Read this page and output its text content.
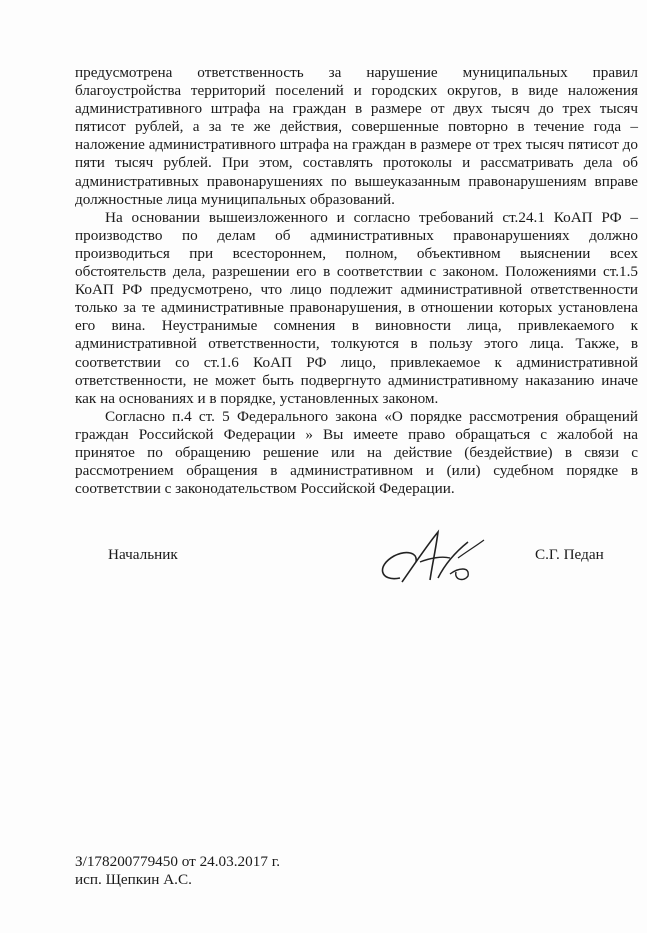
предусмотрена ответственность за нарушение муниципальных правил благоустройства территорий поселений и городских округов, в виде наложения административного штрафа на граждан в размере от двух тысяч до трех тысяч пятисот рублей, а за те же действия, совершенные повторно в течение года – наложение административного штрафа на граждан в размере от трех тысяч пятисот до пяти тысяч рублей. При этом, составлять протоколы и рассматривать дела об административных правонарушениях по вышеуказанным правонарушениям вправе должностные лица муниципальных образований.

На основании вышеизложенного и согласно требований ст.24.1 КоАП РФ – производство по делам об административных правонарушениях должно производиться при всестороннем, полном, объективном выяснении всех обстоятельств дела, разрешении его в соответствии с законом. Положениями ст.1.5 КоАП РФ предусмотрено, что лицо подлежит административной ответственности только за те административные правонарушения, в отношении которых установлена его вина. Неустранимые сомнения в виновности лица, привлекаемого к административной ответственности, толкуются в пользу этого лица. Также, в соответствии со ст.1.6 КоАП РФ лицо, привлекаемое к административной ответственности, не может быть подвергнуто административному наказанию иначе как на основаниях и в порядке, установленных законом.

Согласно п.4 ст. 5 Федерального закона «О порядке рассмотрения обращений граждан Российской Федерации » Вы имеете право обращаться с жалобой на принятое по обращению решение или на действие (бездействие) в связи с рассмотрением обращения в административном и (или) судебном порядке в соответствии с законодательством Российской Федерации.

Начальник	С.Г. Педан
З/178200779450 от 24.03.2017 г.
исп. Щепкин А.С.
